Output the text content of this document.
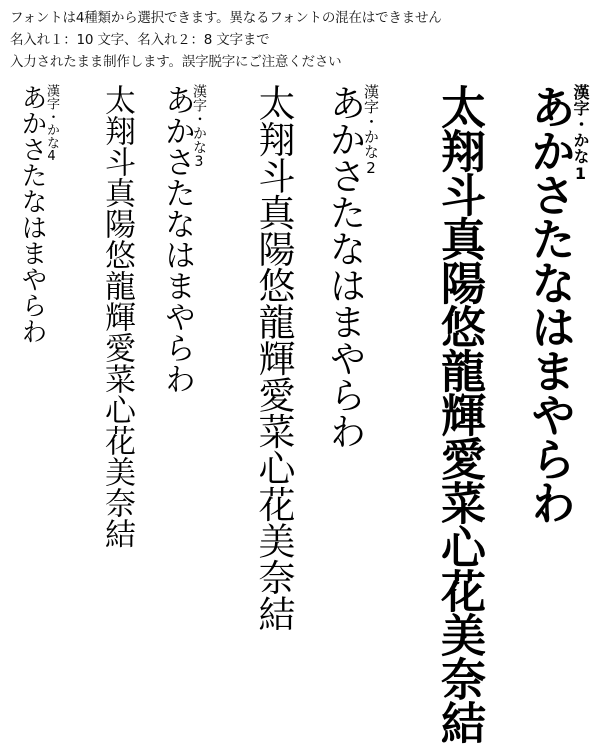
フォントは4種類から選択できます。異なるフォントの混在はできません
名入れ１：10 文字、名入れ２：8 文字まで
入力されたまま制作します。誤字脱字にご注意ください
漢字・かな1
あかさたなはまやらわ
太翔斗真陽悠龍輝愛菜心花美奈結
漢字・かな2
あかさたなはまやらわ
太翔斗真陽悠龍輝愛菜心花美奈結
漢字・かな3
あかさたなはまやらわ
太翔斗真陽悠龍輝愛菜心花美奈結
漢字・かな4
あかさたなはまやらわ
